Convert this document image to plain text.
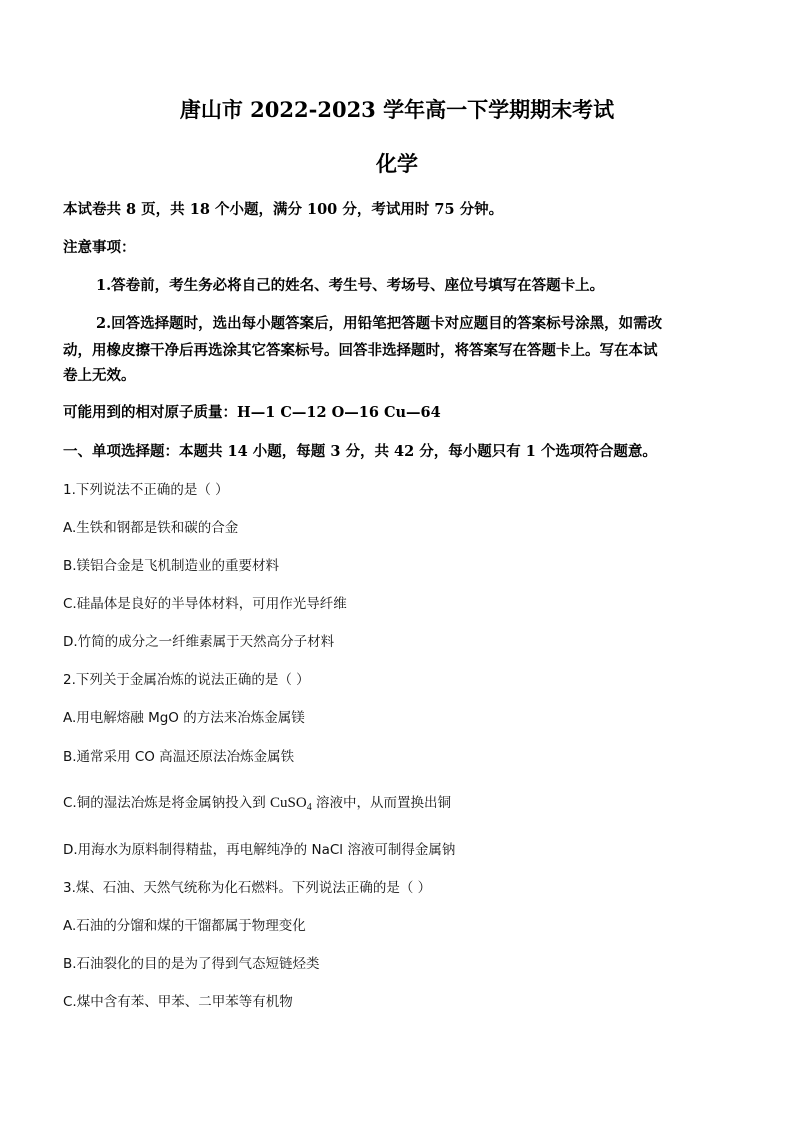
唐山市 2022-2023 学年高一下学期期末考试
化学
本试卷共 8 页，共 18 个小题，满分 100 分，考试用时 75 分钟。
注意事项：
1.答卷前，考生务必将自己的姓名、考生号、考场号、座位号填写在答题卡上。
2.回答选择题时，选出每小题答案后，用铅笔把答题卡对应题目的答案标号涂黑，如需改
动，用橡皮擦干净后再选涂其它答案标号。回答非选择题时，将答案写在答题卡上。写在本试
卷上无效。
可能用到的相对原子质量：H—1 C—12 O—16 Cu—64
一、单项选择题：本题共 14 小题，每题 3 分，共 42 分，每小题只有 1 个选项符合题意。
1.下列说法不正确的是（ ）
A.生铁和钢都是铁和碳的合金
B.镁铝合金是飞机制造业的重要材料
C.硅晶体是良好的半导体材料，可用作光导纤维
D.竹简的成分之一纤维素属于天然高分子材料
2.下列关于金属冶炼的说法正确的是（ ）
A.用电解熔融 MgO 的方法来冶炼金属镁
B.通常采用 CO 高温还原法冶炼金属铁
C.铜的湿法冶炼是将金属钠投入到 CuSO$_4$ 溶液中，从而置换出铜
D.用海水为原料制得精盐，再电解纯净的 NaCl 溶液可制得金属钠
3.煤、石油、天然气统称为化石燃料。下列说法正确的是（ ）
A.石油的分馏和煤的干馏都属于物理变化
B.石油裂化的目的是为了得到气态短链烃类
C.煤中含有苯、甲苯、二甲苯等有机物
